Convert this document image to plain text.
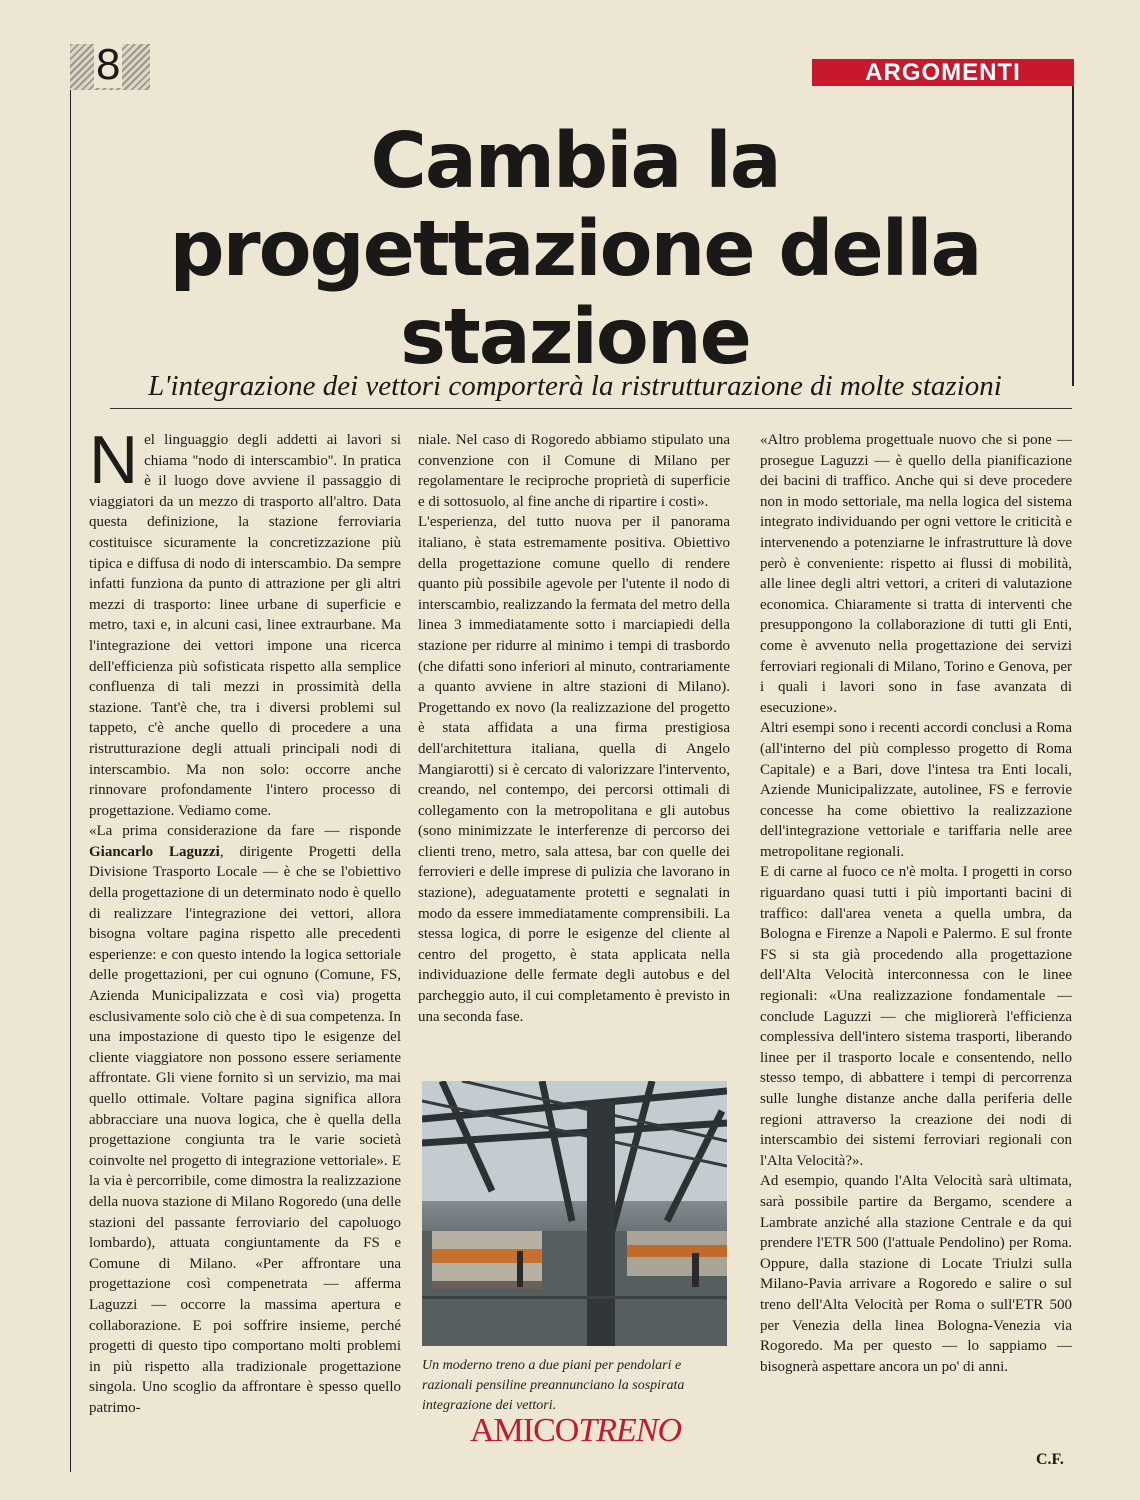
8	ARGOMENTI
Cambia la
progettazione della
stazione

L'integrazione dei vettori comporterà la ristrutturazione di molte stazioni

Nel linguaggio degli addetti ai lavori si chiama ''nodo di interscambio''. In pratica è il luogo dove avviene il passaggio di viaggiatori da un mezzo di trasporto all'altro. Data questa definizione, la stazione ferroviaria costituisce sicuramente la concretizzazione più tipica e diffusa di nodo di interscambio. Da sempre infatti funziona da punto di attrazione per gli altri mezzi di trasporto: linee urbane di superficie e metro, taxi e, in alcuni casi, linee extraurbane. Ma l'integrazione dei vettori impone una ricerca dell'efficienza più sofisticata rispetto alla semplice confluenza di tali mezzi in prossimità della stazione. Tant'è che, tra i diversi problemi sul tappeto, c'è anche quello di procedere a una ristrutturazione degli attuali principali nodi di interscambio. Ma non solo: occorre anche rinnovare profondamente l'intero processo di progettazione. Vediamo come.

«La prima considerazione da fare — risponde Giancarlo Laguzzi, dirigente Progetti della Divisione Trasporto Locale — è che se l'obiettivo della progettazione di un determinato nodo è quello di realizzare l'integrazione dei vettori, allora bisogna voltare pagina rispetto alle precedenti esperienze: e con questo intendo la logica settoriale delle progettazioni, per cui ognuno (Comune, FS, Azienda Municipalizzata e così via) progetta esclusivamente solo ciò che è di sua competenza. In una impostazione di questo tipo le esigenze del cliente viaggiatore non possono essere seriamente affrontate. Gli viene fornito sì un servizio, ma mai quello ottimale. Voltare pagina significa allora abbracciare una nuova logica, che è quella della progettazione congiunta tra le varie società coinvolte nel progetto di integrazione vettoriale». E la via è percorribile, come dimostra la realizzazione della nuova stazione di Milano Rogoredo (una delle stazioni del passante ferroviario del capoluogo lombardo), attuata congiuntamente da FS e Comune di Milano. «Per affrontare una progettazione così compenetrata — afferma Laguzzi — occorre la massima apertura e collaborazione. E poi soffrire insieme, perché progetti di questo tipo comportano molti problemi in più rispetto alla tradizionale progettazione singola. Uno scoglio da affrontare è spesso quello patrimo-

niale. Nel caso di Rogoredo abbiamo stipulato una convenzione con il Comune di Milano per regolamentare le reciproche proprietà di superficie e di sottosuolo, al fine anche di ripartire i costi».

L'esperienza, del tutto nuova per il panorama italiano, è stata estremamente positiva. Obiettivo della progettazione comune quello di rendere quanto più possibile agevole per l'utente il nodo di interscambio, realizzando la fermata del metro della linea 3 immediatamente sotto i marciapiedi della stazione per ridurre al minimo i tempi di trasbordo (che difatti sono inferiori al minuto, contrariamente a quanto avviene in altre stazioni di Milano). Progettando ex novo (la realizzazione del progetto è stata affidata a una firma prestigiosa dell'architettura italiana, quella di Angelo Mangiarotti) si è cercato di valorizzare l'intervento, creando, nel contempo, dei percorsi ottimali di collegamento con la metropolitana e gli autobus (sono minimizzate le interferenze di percorso dei clienti treno, metro, sala attesa, bar con quelle dei ferrovieri e delle imprese di pulizia che lavorano in stazione), adeguatamente protetti e segnalati in modo da essere immediatamente comprensibili. La stessa logica, di porre le esigenze del cliente al centro del progetto, è stata applicata nella individuazione delle fermate degli autobus e del parcheggio auto, il cui completamento è previsto in una seconda fase.

Un moderno treno a due piani per pendolari e razionali pensiline preannunciano la sospirata integrazione dei vettori.

«Altro problema progettuale nuovo che si pone — prosegue Laguzzi — è quello della pianificazione dei bacini di traffico. Anche qui si deve procedere non in modo settoriale, ma nella logica del sistema integrato individuando per ogni vettore le criticità e intervenendo a potenziarne le infrastrutture là dove però è conveniente: rispetto ai flussi di mobilità, alle linee degli altri vettori, a criteri di valutazione economica. Chiaramente si tratta di interventi che presuppongono la collaborazione di tutti gli Enti, come è avvenuto nella progettazione dei servizi ferroviari regionali di Milano, Torino e Genova, per i quali i lavori sono in fase avanzata di esecuzione».

Altri esempi sono i recenti accordi conclusi a Roma (all'interno del più complesso progetto di Roma Capitale) e a Bari, dove l'intesa tra Enti locali, Aziende Municipalizzate, autolinee, FS e ferrovie concesse ha come obiettivo la realizzazione dell'integrazione vettoriale e tariffaria nelle aree metropolitane regionali.

E di carne al fuoco ce n'è molta. I progetti in corso riguardano quasi tutti i più importanti bacini di traffico: dall'area veneta a quella umbra, da Bologna e Firenze a Napoli e Palermo. E sul fronte FS si sta già procedendo alla progettazione dell'Alta Velocità interconnessa con le linee regionali: «Una realizzazione fondamentale — conclude Laguzzi — che migliorerà l'efficienza complessiva dell'intero sistema trasporti, liberando linee per il trasporto locale e consentendo, nello stesso tempo, di abbattere i tempi di percorrenza sulle lunghe distanze anche dalla periferia delle regioni attraverso la creazione dei nodi di interscambio dei sistemi ferroviari regionali con l'Alta Velocità?».

Ad esempio, quando l'Alta Velocità sarà ultimata, sarà possibile partire da Bergamo, scendere a Lambrate anziché alla stazione Centrale e da qui prendere l'ETR 500 (l'attuale Pendolino) per Roma. Oppure, dalla stazione di Locate Triulzi sulla Milano-Pavia arrivare a Rogoredo e salire o sul treno dell'Alta Velocità per Roma o sull'ETR 500 per Venezia della linea Bologna-Venezia via Rogoredo. Ma per questo — lo sappiamo — bisognerà aspettare ancora un po' di anni.

C.F.
AMICOTRENO
